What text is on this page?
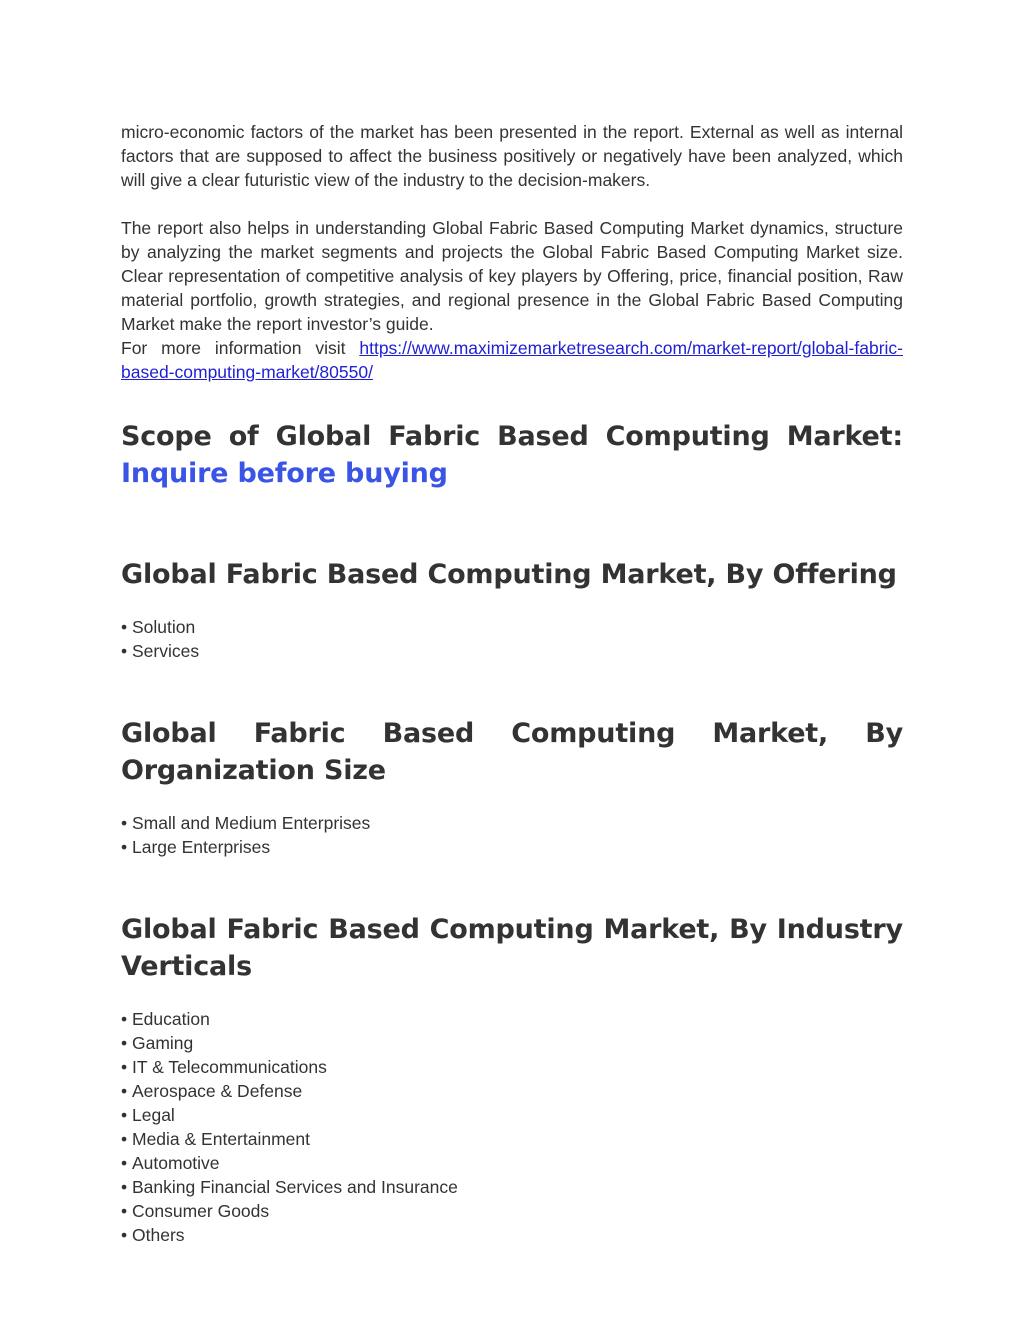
micro-economic factors of the market has been presented in the report. External as well as internal factors that are supposed to affect the business positively or negatively have been analyzed, which will give a clear futuristic view of the industry to the decision-makers.

The report also helps in understanding Global Fabric Based Computing Market dynamics, structure by analyzing the market segments and projects the Global Fabric Based Computing Market size. Clear representation of competitive analysis of key players by Offering, price, financial position, Raw material portfolio, growth strategies, and regional presence in the Global Fabric Based Computing Market make the report investor’s guide.

For more information visit https://www.maximizemarketresearch.com/market-report/global-fabric-based-computing-market/80550/

Scope of Global Fabric Based Computing Market:
Inquire before buying
Global Fabric Based Computing Market, By Offering
• Solution
• Services
Global Fabric Based Computing Market, By
Organization Size
• Small and Medium Enterprises
• Large Enterprises
Global Fabric Based Computing Market, By Industry
Verticals
• Education
• Gaming
• IT & Telecommunications
• Aerospace & Defense
• Legal
• Media & Entertainment
• Automotive
• Banking Financial Services and Insurance
• Consumer Goods
• Others
